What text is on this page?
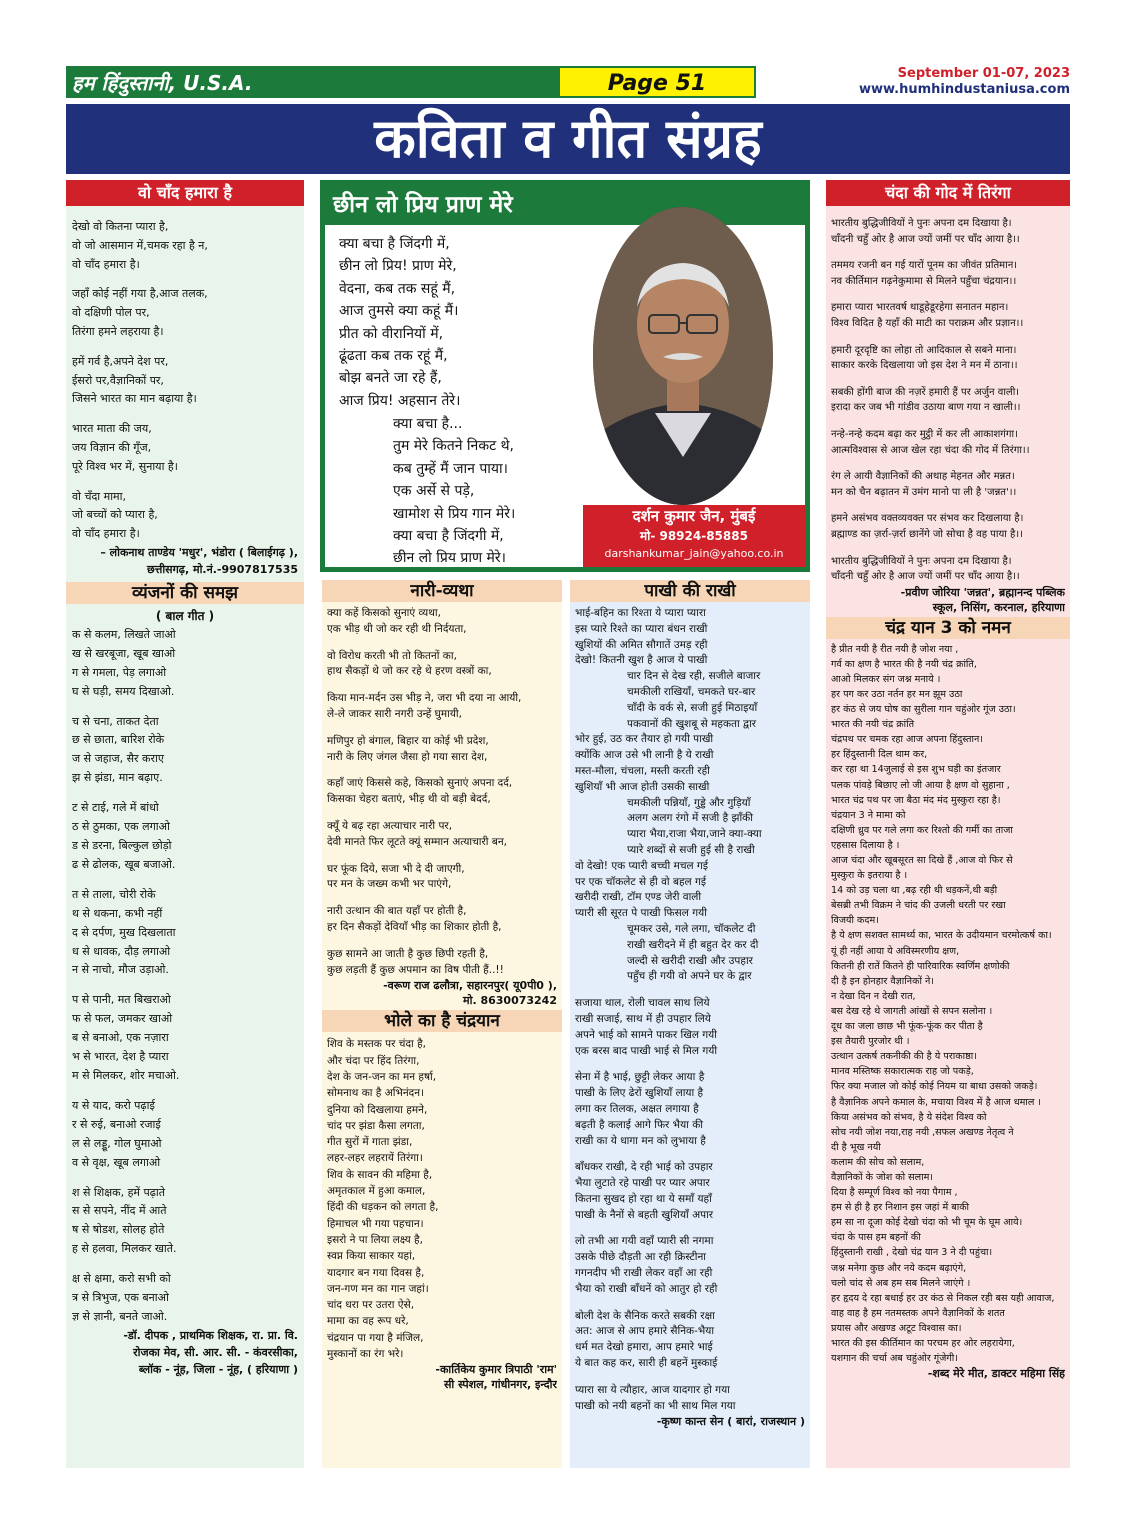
हम हिंदुस्तानी, U.S.A.	Page 51	September 01-07, 2023
www.humhindustaniusa.com
कविता व गीत संग्रह
वो चाँद हमारा है
देखो वो कितना प्यारा है,
वो जो आसमान में,चमक रहा है न,
वो चाँद हमारा है।
जहाँ कोई नहीं गया है,आज तलक,
वो दक्षिणी पोल पर,
तिरंगा हमने लहराया है।
हमें गर्व है,अपने देश पर,
ईसरो पर,वैज्ञानिकों पर,
जिसने भारत का मान बढ़ाया है।
भारत माता की जय,
जय विज्ञान की गूँज,
पूरे विश्व भर में, सुनाया है।
वो चँदा मामा,
जो बच्चों को प्यारा है,
वो चाँद हमारा है।
– लोकनाथ ताण्डेय 'मधुर', भंडोरा ( बिलाईगढ़ ),
छत्तीसगढ़, मो.नं.-9907817535
व्यंजनों की समझ
( बाल गीत )
क से कलम, लिखते जाओ
ख से खरबूजा, खूब खाओ
ग से गमला, पेड़ लगाओ
घ से घड़ी, समय दिखाओ.
च से चना, ताकत देता
छ से छाता, बारिश रोके
ज से जहाज, सैर कराए
झ से झंडा, मान बढ़ाए.
ट से टाई, गले में बांधो
ठ से ठुमका, एक लगाओ
ड से डरना, बिल्कुल छोड़ो
ढ से ढोलक, खूब बजाओ.
त से ताला, चोरी रोके
थ से थकना, कभी नहीं
द से दर्पण, मुख दिखलाता
ध से धावक, दौड़ लगाओ
न से नाचो, मौज उड़ाओ.
प से पानी, मत बिखराओ
फ से फल, जमकर खाओ
ब से बनाओ, एक नज़ारा
भ से भारत, देश है प्यारा
म से मिलकर, शोर मचाओ.
य से याद, करो पढ़ाई
र से रुई, बनाओ रजाई
ल से लड्डू, गोल घुमाओ
व से वृक्ष, खूब लगाओ
श से शिक्षक, हमें पढ़ाते
स से सपने, नींद में आते
ष से षोडश, सोलह होते
ह से हलवा, मिलकर खाते.
क्ष से क्षमा, करो सभी को
त्र से त्रिभुज, एक बनाओ
ज्ञ से ज्ञानी, बनते जाओ.
-डॉ. दीपक , प्राथमिक शिक्षक, रा. प्रा. वि.
रोजका मेव, सी. आर. सी. - कंवरसीका,
ब्लॉक - नूंह, जिला - नूंह, ( हरियाणा )
छीन लो प्रिय प्राण मेरे
क्या बचा है जिंदगी में,
छीन लो प्रिय! प्राण मेरे,
वेदना, कब तक सहूं मैं,
आज तुमसे क्या कहूं मैं।
प्रीत को वीरानियों में,
ढूंढता कब तक रहूं मैं,
बोझ बनते जा रहे हैं,
आज प्रिय! अहसान तेरे।
क्या बचा है...
तुम मेरे कितने निकट थे,
कब तुम्हें मैं जान पाया।
एक अर्से से पड़े,
खामोश से प्रिय गान मेरे।
क्या बचा है जिंदगी में,
छीन लो प्रिय प्राण मेरे।
दर्शन कुमार जैन, मुंबई
मो- 98924-85885
darshankumar_jain@yahoo.co.in
नारी-व्यथा
क्या कहें किसको सुनाएं व्यथा,
एक भीड़ थी जो कर रही थी निर्दयता,
वो विरोध करती भी तो कितनों का,
हाथ सैकड़ों थे जो कर रहे थे हरण वस्त्रों का,
किया मान-मर्दन उस भीड़ ने, जरा भी दया ना आयी,
ले-ले जाकर सारी नगरी उन्हें घुमायी,
मणिपुर हो बंगाल, बिहार या कोई भी प्रदेश,
नारी के लिए जंगल जैसा हो गया सारा देश,
कहाँ जाएं किससे कहे, किसको सुनाएं अपना दर्द,
किसका चेहरा बताएं, भीड़ थी वो बड़ी बेदर्द,
क्यूँ ये बढ़ रहा अत्याचार नारी पर,
देवी मानते फिर लूटते क्यूं सम्मान अत्याचारी बन,
घर फूंक दिये, सजा भी दे दी जाएगी,
पर मन के जख्म कभी भर पाएंगे,
नारी उत्थान की बात यहाँ पर होती है,
हर दिन सैकड़ों देवियाँ भीड़ का शिकार होती है,
कुछ सामने आ जाती है कुछ छिपी रहती है,
कुछ लड़ती हैं कुछ अपमान का विष पीती हैं..!!
-वरूण राज ढलौत्रा, सहारनपुर( यू0पी0 ),
मो. 8630073242
भोले का है चंद्रयान
शिव के मस्तक पर चंदा है,
और चंदा पर हिंद तिरंगा,
देश के जन-जन का मन हर्षा,
सोमनाथ का है अभिनंदन।
दुनिया को दिखलाया हमने,
चांद पर झंडा कैसा लगता,
गीत सुरों में गाता झंडा,
लहर-लहर लहरायें तिरंगा।
शिव के सावन की महिमा है,
अमृतकाल में हुआ कमाल,
हिंदी की धड़कन को लगता है,
हिमाचल भी गया पहचान।
इसरो ने पा लिया लक्ष्य है,
स्वप्न किया साकार यहां,
यादगार बन गया दिवस है,
जन-गण मन का गान जहां।
चांद धरा पर उतरा ऐसे,
मामा का वह रूप धरे,
चंद्रयान पा गया है मंजिल,
मुस्कानों का रंग भरे।
-कार्तिकेय कुमार त्रिपाठी 'राम'
सी स्पेशल, गांधीनगर, इन्दौर
पाखी की राखी
भाई-बहिन का रिश्ता ये प्यारा प्यारा
इस प्यारे रिश्ते का प्यारा बंधन राखी
खुशियों की अमित सौगातें उमड़ रही
देखो! कितनी खुश है आज ये पाखी
चार दिन से देख रही, सजीले बाजार
चमकीली राखियाँ, चमकते घर-बार
चाँदी के वर्क से, सजी हुई मिठाइयाँ
पकवानों की खुशबू से महकता द्वार
भोर हुई, उठ कर तैयार हो गयी पाखी
क्योंकि आज उसे भी लानी है ये राखी
मस्त-मौला, चंचला, मस्ती करती रही
खुशियाँ भी आज होती उसकी साखी
चमकीली पन्नियाँ, गुड्डे और गुड़ियाँ
अलग अलग रंगो में सजी है झाँकी
प्यारा भैया,राजा भैया,जाने क्या-क्या
प्यारे शब्दों से सजी हुई सी है राखी
वो देखो! एक प्यारी बच्ची मचल गई
पर एक चॉकलेट से ही वो बहल गई
खरीदी राखी, टॉम एण्ड जेरी वाली
प्यारी सी सूरत पे पाखी फिसल गयी
चूमकर उसे, गले लगा, चॉकलेट दी
राखी खरीदने में ही बहुत देर कर दी
जल्दी से खरीदी राखी और उपहार
पहुँच ही गयी वो अपने घर के द्वार
सजाया थाल, रोली चावल साथ लिये
राखी सजाई, साथ में ही उपहार लिये
अपने भाई को सामने पाकर खिल गयी
एक बरस बाद पाखी भाई से मिल गयी
सेना में है भाई, छुट्टी लेकर आया है
पाखी के लिए ढेरों खुशियाँ लाया है
लगा कर तिलक, अक्षत लगाया है
बढ़ती है कलाई आगे फिर भैया की
राखी का ये धागा मन को लुभाया है
बाँधकर राखी, दे रही भाई को उपहार
भैया लुटाते रहे पाखी पर प्यार अपार
कितना सुखद हो रहा था ये समाँ यहाँ
पाखी के नैनों से बहती खुशियाँ अपार
लो तभी आ गयी वहाँ प्यारी सी नगमा
उसके पीछे दौड़ती आ रही क्रिस्टीना
गगनदीप भी राखी लेकर वहाँ आ रही
भैया को राखी बाँधनें को आतुर हो रही
बोली देश के सैनिक करते सबकी रक्षा
अत: आज से आप हमारे सैनिक-भैया
धर्म मत देखो हमारा, आप हमारे भाई
ये बात कह कर, सारी ही बहनें मुस्काई
प्यारा सा ये त्यौहार, आज यादगार हो गया
पाखी को नयी बहनों का भी साथ मिल गया
-कृष्ण कान्त सेन ( बारां, राजस्थान )
चंदा की गोद में तिरंगा
भारतीय बुद्धिजीवियों ने पुनः अपना दम दिखाया है।
चाँदनी चहुँ ओर है आज ज्यों जमीं पर चाँद आया है।।
तममय रजनी बन गई यारों पूनम का जीवंत प्रतिमान।
नव कीर्तिमान गढ़नेकुमामा से मिलने पहुँचा चंद्रयान।।
हमारा प्यारा भारतवर्ष थाडूहेडूरहेगा सनातन महान।
विश्व विदित है यहाँ की माटी का पराक्रम और प्रज्ञान।।
हमारी दूरदृष्टि का लोहा तो आदिकाल से सबने माना।
साकार करके दिखलाया जो इस देश ने मन में ठाना।।
सबकी होंगी बाज की नज़रें हमारी हैं पर अर्जुन वाली।
इरादा कर जब भी गांडीव उठाया बाण गया न खाली।।
नन्हे-नन्हे कदम बढ़ा कर मुट्ठी में कर ली आकाशगंगा।
आत्मविश्वास से आज खेल रहा चंदा की गोद में तिरंगा।।
रंग ले आयी वैज्ञानिकों की अथाह मेहनत और मन्नत।
मन को चैन बढ़ातन में उमंग मानो पा ली है 'जन्नत'।।
हमने असंभव वक्तव्यवक्त पर संभव कर दिखलाया है।
ब्रह्माण्ड का ज़र्रा-ज़र्रा छानेंगे जो सोचा है वह पाया है।।
भारतीय बुद्धिजीवियों ने पुनः अपना दम दिखाया है।
चाँदनी चहुँ ओर है आज ज्यों जमीं पर चाँद आया है।।
-प्रवीण जोरिया 'जन्नत', ब्रह्मानन्द पब्लिक
स्कूल, निसिंग, करनाल, हरियाणा
चंद्र यान 3 को नमन
है प्रीत नयी है रीत नयी है जोश नया ,
गर्व का क्षण है भारत की है नयी चंद्र क्रांति,
आओ मिलकर संग जश्न मनाये ।
हर पग कर उठा नर्तन हर मन झूम उठा
हर कंठ से जय घोष का सुरीला गान चहुंओर गूंज उठा।
भारत की नयी चंद्र क्रांति
चंद्रपथ पर चमक रहा आज अपना हिंदुस्तान।
हर हिंदुस्तानी दिल थाम कर,
कर रहा था 14जुलाई से इस शुभ घड़ी का इंतजार
पलक पांवड़े बिछाए लो जी आया है क्षण वो सुहाना ,
भारत चंद्र पथ पर जा बैठा मंद मंद मुस्कुरा रहा है।
चंद्रयान 3 ने मामा को
दक्षिणी ध्रुव पर गले लगा कर रिश्तो की गर्मी का ताजा
एहसास दिलाया है ।
आज चंदा और खूबसूरत सा दिखे हैं ,आज वो फिर से
मुस्कुरा के इतराया है ।
14 को उड़ चला था ,बढ़ रही थी धड़कनें,थी बड़ी
बेसब्री तभी विक्रम ने चांद की उजली धरती पर रखा
विजयी कदम।
है ये क्षण सशक्त सामर्थ्य का, भारत के उदीयमान चरमोत्कर्ष का।
यूं ही नहीं आया ये अविस्मरणीय क्षण,
कितनी ही रातें कितने ही पारिवारिक स्वर्णिम क्षणोकी
दी है इन होनहार वैज्ञानिकों ने।
न देखा दिन न देखी रात,
बस देख रहे थे जागती आंखों से सपन सलोना ।
दूध का जला छाछ भी फूंक-फूंक कर पीता है
इस तैयारी पुरजोर थी ।
उत्थान उत्कर्ष तकनीकी की है ये पराकाष्ठा।
मानव मस्तिष्क सकारात्मक राह जो पकड़े,
फिर क्या मजाल जो कोई कोई नियम या बाधा उसको जकड़े।
है वैज्ञानिक अपने कमाल के, मचाया विश्व में है आज धमाल ।
किया असंभव को संभव, है ये संदेश विश्व को
सोच नयी जोश नया,राह नयी ,सफल अखण्ड नेतृत्व ने
दी है भूख नयी
कलाम की सोच को सलाम,
वैज्ञानिकों के जोश को सलाम।
दिया है सम्पूर्ण विश्व को नया पैगाम ,
हम से ही है हर निशान इस जहां में बाकी
हम सा ना दूजा कोई देखो चंदा को भी चूम के घूम आये।
चंदा के पास हम बहनों की
हिंदुस्तानी राखी , देखो चंद्र यान 3 ने दी पहुंचा।
जश्न मनेगा कुछ और नये कदम बढ़ाएंगे,
चलो चांद से अब हम सब मिलने जाएंगे ।
हर हृदय दे रहा बधाई हर उर कंठ से निकल रही बस यही आवाज,
वाह वाह है हम नतमस्तक अपने वैज्ञानिकों के शतत
प्रयास और अखण्ड अटूट विश्वास का।
भारत की इस कीर्तिमान का परचम हर ओर लहरायेगा,
यशगान की चर्चा अब चहुंओर गूंजेगी।
-शब्द मेरे मीत, डाक्टर महिमा सिंह
